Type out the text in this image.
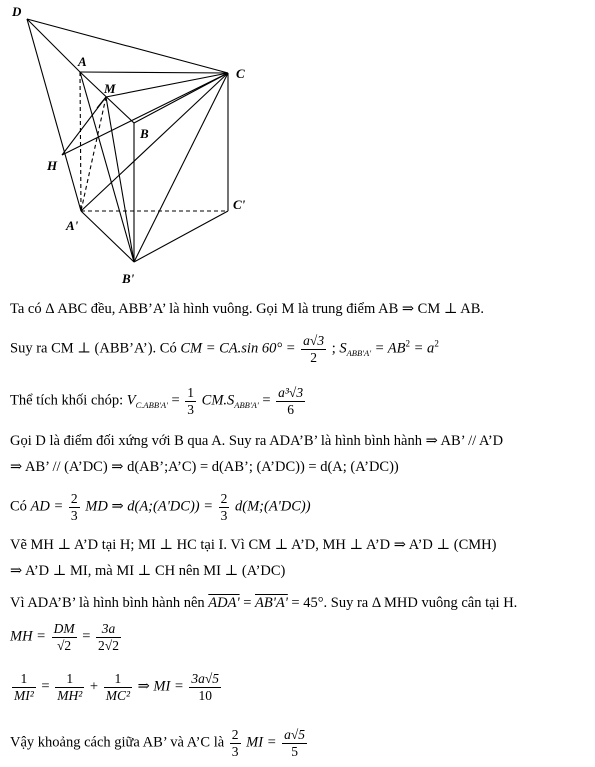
D
A
M
C
B
H
C'
A'
B'
Ta có Δ ABC đều, ABB’A’ là hình vuông. Gọi M là trung điểm AB ⇒ CM ⊥ AB.
Suy ra CM ⊥ (ABB’A’). Có CM = CA.sin $60^\circ = \frac{a√3}{2}$ ; $S_{ABB'A'} = AB^2 = a^2$
Thể tích khối chóp: $V_{C.ABB'A'} = \frac{1}{3} CM.S_{ABB'A'} = \frac{\text{a³√3}}{6}$
Gọi D là điểm đối xứng với B qua A. Suy ra ADA’B’ là hình bình hành ⇒ AB’ // A’D
⇒ AB’ // (A’DC) ⇒ d(AB’;A’C) = d(AB’; (A’DC)) = d(A; (A’DC))
Có AD = $\frac{2}{3}$ MD ⇒ d(A;(A'DC)) = $\frac{2}{3}$ d(M;(A'DC))
Vẽ MH ⊥ A’D tại H; MI ⊥ HC tại I. Vì CM ⊥ A’D, MH ⊥ A’D ⇒ A’D ⊥ (CMH)
⇒ A’D ⊥ MI, mà MI ⊥ CH nên MI ⊥ (A’DC)
Vì ADA’B’ là hình bình hành nên ADA' = AB'A' = 45°. Suy ra Δ MHD vuông cân tại H.
MH = $\frac{DM}{√2} = \frac{3a}{2√2}$
$\frac{1}{\text{MI²}} = \frac{1}{\text{MH²}} + \frac{1}{\text{MC²}}$ ⇒ MI = $\frac{3a√5}{10}$
Vậy khoảng cách giữa AB’ và A’C là $\frac{2}{3}$ MI = $\frac{a√5}{5}$
